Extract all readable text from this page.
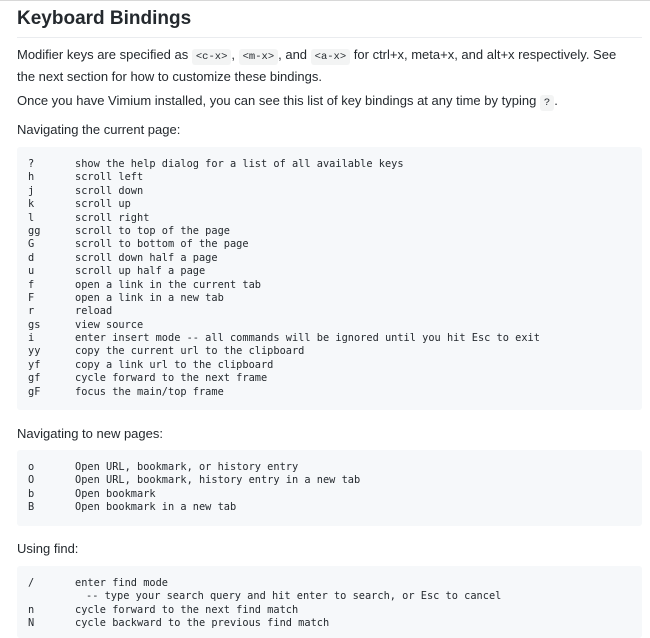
Keyboard Bindings

Modifier keys are specified as <c-x> , <m-x> , and <a-x> for ctrl+x, meta+x, and alt+x respectively. See the next section for how to customize these bindings.

Once you have Vimium installed, you can see this list of key bindings at any time by typing ? .

Navigating the current page:

?	show the help dialog for a list of all available keys
h	scroll left
j	scroll down
k	scroll up
l	scroll right
gg	scroll to top of the page
G	scroll to bottom of the page
d	scroll down half a page
u	scroll up half a page
f	open a link in the current tab
F	open a link in a new tab
r	reload
gs	view source
i	enter insert mode -- all commands will be ignored until you hit Esc to exit
yy	copy the current url to the clipboard
yf	copy a link url to the clipboard
gf	cycle forward to the next frame
gF	focus the main/top frame

Navigating to new pages:

o	Open URL, bookmark, or history entry
O	Open URL, bookmark, history entry in a new tab
b	Open bookmark
B	Open bookmark in a new tab

Using find:

/	enter find mode
-- type your search query and hit enter to search, or Esc to cancel
n	cycle forward to the next find match
N	cycle backward to the previous find match
